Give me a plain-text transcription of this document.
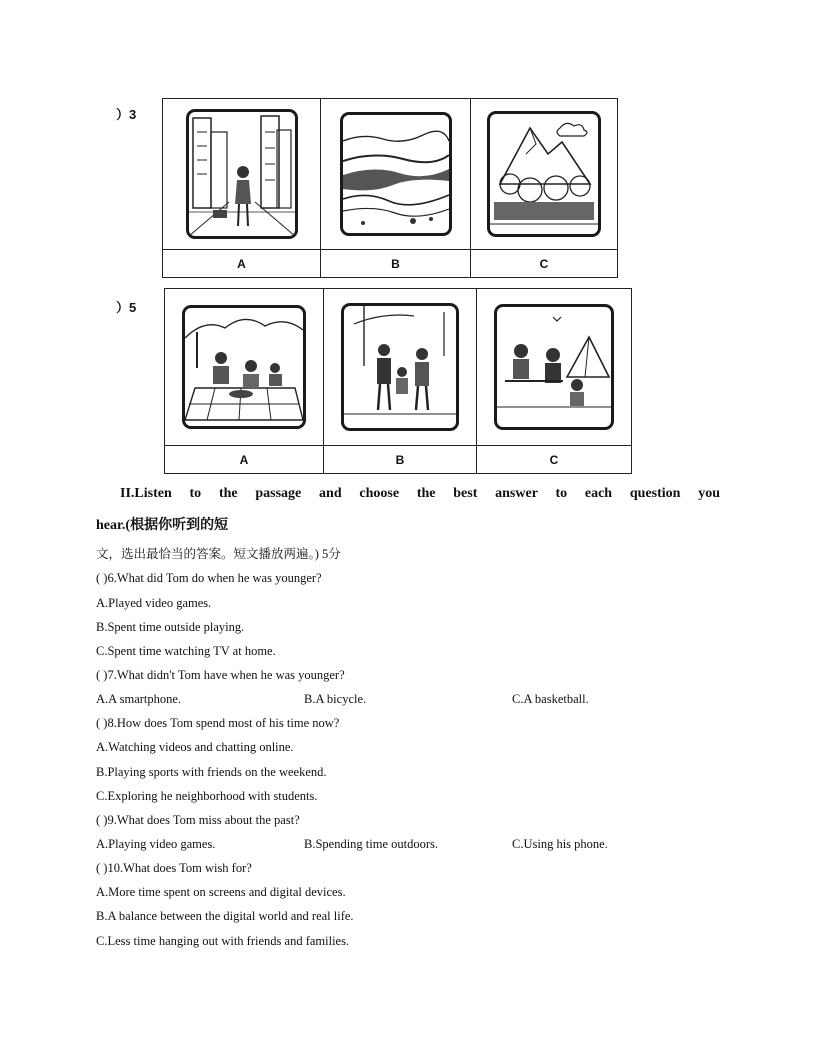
）3
A	B	C
）5
A	B	C
II.Listen to the passage and choose the best answer to each question you
hear.(根据你听到的短
文，选出最恰当的答案。短文播放两遍。) 5分
( )6.What did Tom do when he was younger?
A.Played video games.
B.Spent time outside playing.
C.Spent time watching TV at home.
( )7.What didn't Tom have when he was younger?
A.A smartphone.	B.A bicycle.	C.A basketball.
( )8.How does Tom spend most of his time now?
A.Watching videos and chatting online.
B.Playing sports with friends on the weekend.
C.Exploring he neighborhood with students.
( )9.What does Tom miss about the past?
A.Playing video games.	B.Spending time outdoors.	C.Using his phone.
( )10.What does Tom wish for?
A.More time spent on screens and digital devices.
B.A balance between the digital world and real life.
C.Less time hanging out with friends and families.
